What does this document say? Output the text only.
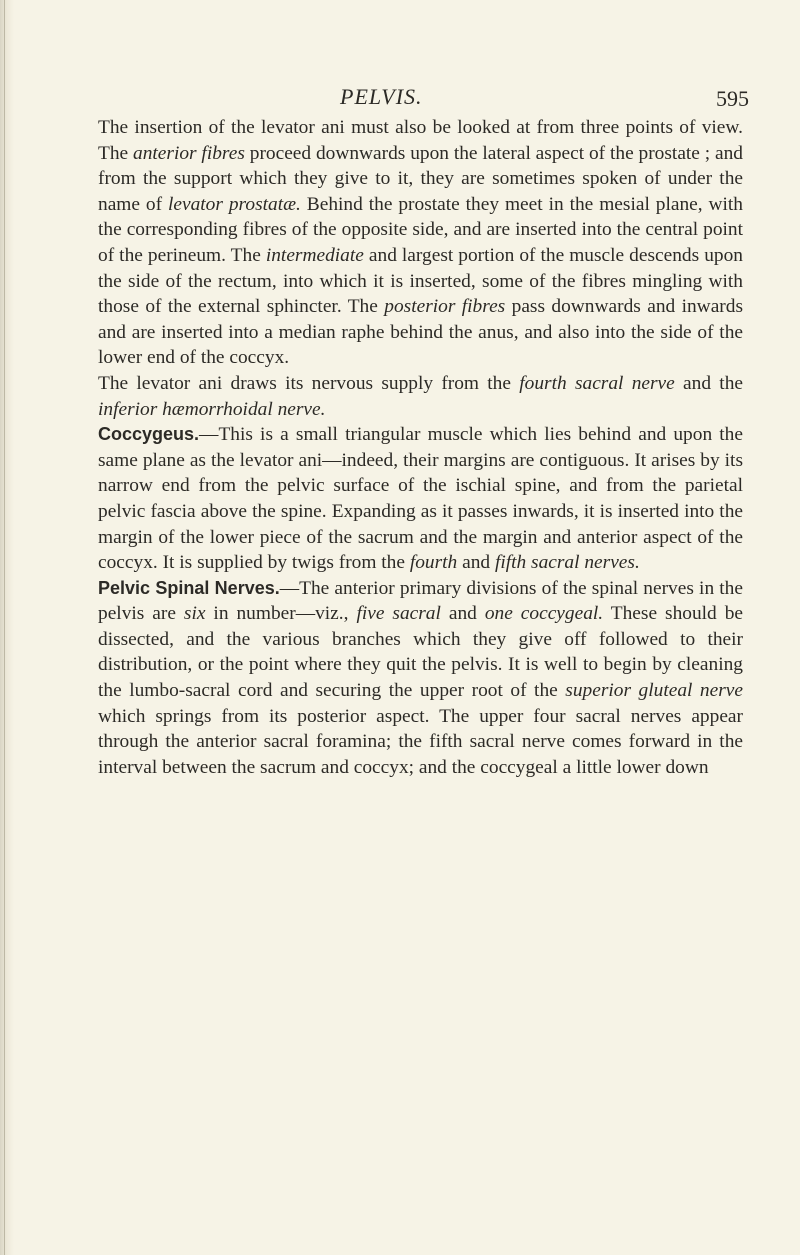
PELVIS.	595

The insertion of the levator ani must also be looked at from three points of view. The anterior fibres proceed downwards upon the lateral aspect of the prostate ; and from the support which they give to it, they are sometimes spoken of under the name of levator prostatæ. Behind the prostate they meet in the mesial plane, with the corresponding fibres of the opposite side, and are inserted into the central point of the perineum. The intermediate and largest portion of the muscle descends upon the side of the rectum, into which it is inserted, some of the fibres mingling with those of the external sphincter. The posterior fibres pass downwards and inwards and are inserted into a median raphe behind the anus, and also into the side of the lower end of the coccyx.

The levator ani draws its nervous supply from the fourth sacral nerve and the inferior hæmorrhoidal nerve.

Coccygeus.—This is a small triangular muscle which lies behind and upon the same plane as the levator ani—indeed, their margins are contiguous. It arises by its narrow end from the pelvic surface of the ischial spine, and from the parietal pelvic fascia above the spine. Expanding as it passes inwards, it is inserted into the margin of the lower piece of the sacrum and the margin and anterior aspect of the coccyx. It is supplied by twigs from the fourth and fifth sacral nerves.

Pelvic Spinal Nerves.—The anterior primary divisions of the spinal nerves in the pelvis are six in number—viz., five sacral and one coccygeal. These should be dissected, and the various branches which they give off followed to their distribution, or the point where they quit the pelvis. It is well to begin by cleaning the lumbo-sacral cord and securing the upper root of the superior gluteal nerve which springs from its posterior aspect. The upper four sacral nerves appear through the anterior sacral foramina; the fifth sacral nerve comes forward in the interval between the sacrum and coccyx; and the coccygeal a little lower down
